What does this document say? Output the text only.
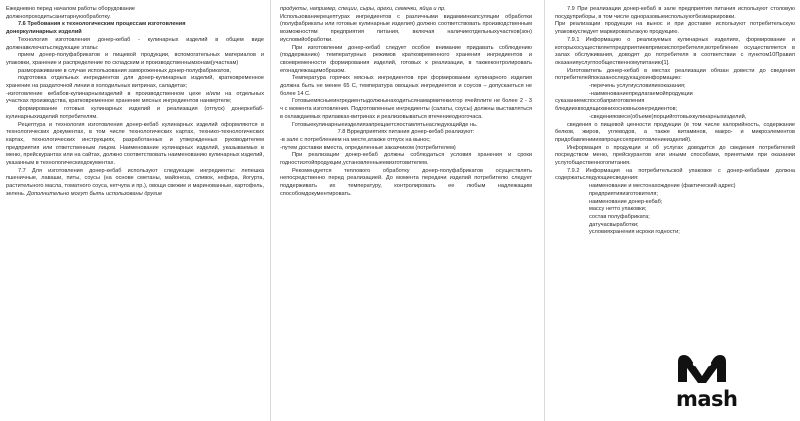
Ежедневно перед началом работы оборудование

должнопроходитьсанитарнуюобработку.

7.6 Требования к технологическим процессам изготовления

донеркулинарных изделий

Технология изготовления донер-кебаб - кулинарных изделий в общем виде должнавключатьследующие этапы:

прием донер-полуфабрикатов и пищевой продукции, вспомогательных материалов и упаковки, хранение и распределение по складским и производственнымзонам(участкам)

размораживание в случае использования замороженных донер-полуфабрикатов,

подготовка отдельных ингредиентов для донер-кулинарных изделий, кратковременное хранение на раздаточной линии в холодильных витринах, саладетах;

-изготовление кебабов-кулинарныхизделий в производственном цехе и/или на отдельных участках производства, кратковременное хранение мясных ингредиентов нанвертеле;

формирование готовых кулинарных изделий и реализация (отпуск) донеркебаб-кулинарныхизделий потребителям.

Рецептура и технология изготовления донер-кебаб кулинарных изделий оформляются в технологических документах, в том числе технологических картах, технико-технологических картах, технологических инструкциях, разработанных и утвержденных руководителем предприятия или ответственным лицом. Наименование кулинарных изделий, указываемых в меню, прейскурантах или на сайтах, должно соответствовать наименованию кулинарных изделий, указанным в технологическихдокументах.

7.7 Для изготовления донер-кебаб используют следующие ингредиенты: лепешка пшеничные, лаваши, питы, соусы (на основе сметаны, майонеза, сливок, кефира, йогурта, растительного масла, томатного соуса, кетчупа и пр.), овощи свежие и маринованные, картофель, зелень. Дополнительно могут быть использованы другие

продукты, например, специи, сыры, орехи, семечки, яйца и пр.

Использованиерецептурах ингредиентов с различными видамиинкапсуляции обработки (полуфабрикаты или готовые кулинарные изделия) должно соответствовать производственным возможностям предприятия питания, включая наличиеотдельныхучастков(зон) иусловийобработки.

При изготовлении донер-кебаб следует особое внимание придавать соблюдению (поддержанию) температурных режимов кратковременного хранения ингредиентов и своевременности формирования изделий, готовых к реализации, в такжеконтролировать егонадлежащимобразом.

Температура горячих мясных ингредиентов при формировании кулинарного изделия должна быть не менее 65 С, температура овощных ингредиентов и соусов – допускаеться не более 14 С.

Готовыемясныеингредиентыдолжнынаходитьсянамармитекилгор ячейплите не более 2 - 3 ч с момента изготовления. Подготовленные ингредиенты (салаты, соусы) должны выставляться в охлаждаемых прилавках-витринах и реализовываться втечениеодногочаса.

Готовыекулинарныеизделиязапрещаетсяоставлятьнаследующийде нь.

7.8 Вpредприятиях питания донер-кебаб реализуют:

-в зале с потреблением на месте,атакже отпуск на вынос;

-путем доставки вместа, определенные заказчиком (потребителем)

При реализации донер-кебаб должны соблюдаться условия хранения и сроки годностиэтойпродукции,установленныеевизготовителем.

Рекомендуется теплового обработку донер-полуфабрикатов осуществлять непосредственно перед реализацией. До момента передачи изделий потребителю следует поддерживать их температуру, контролировать ее любым надлежащим способомдокументировать.

7.9 При реализации донер-кебаб в зале предприятия питания используют столовую посудуприборы, в том числе одноразовыеиспользуютбезмаркировки.

При реализации продукции на вынос и при доставке используют потребительскую упаковкуследует маркироватьтакую продукцию.

7.9.1 Информацию о реализуемых кулинарных изделиях, формирование и которыхосуществляетпредприятиевпрямоиспотребителя,вотребление осуществляется в залах обслуживания, доводят до потребителя в соответствии с пунктом10Правил оказанияуслугпообщественномупитанию[1].

Изготовитель донер-кебаб в местах реализации обязан довести до сведения потребителейпоказаноследующуюинформацию:

-перечень услугиусловияихоказания;

-наименованиепредлагаемойпродукции

суказаниемспособаприготовления

блюдиихвходящихвнихосновныхингредиентов;

-сведенияовесе(объеме)порцийготовыхкулинарныхизделий,

сведения о пищевой ценности продукции (в том числе калорийность, содержание белков, жиров, углеводов, а также витаминов, макро- и микроэлементов придобавленииихвпроцессеприготовлениеизделий).

Информация о продукции и об услугах доводится до сведения потребителей посредством меню, прейскурантов или иными способами, принятыми при оказании услугобщественногопитания.

7.9.2 Информация на потребительской упаковке с донер-кебабами должна содержатьследующиесведения:

наименование и местонахождение (фактический адрес) предприятияизготовителя;

наименование донер-кебаб;

массу нетто упаковки;

состав полуфабриката;

датучасвыработки;

условияхранения исроки годности;

mash
